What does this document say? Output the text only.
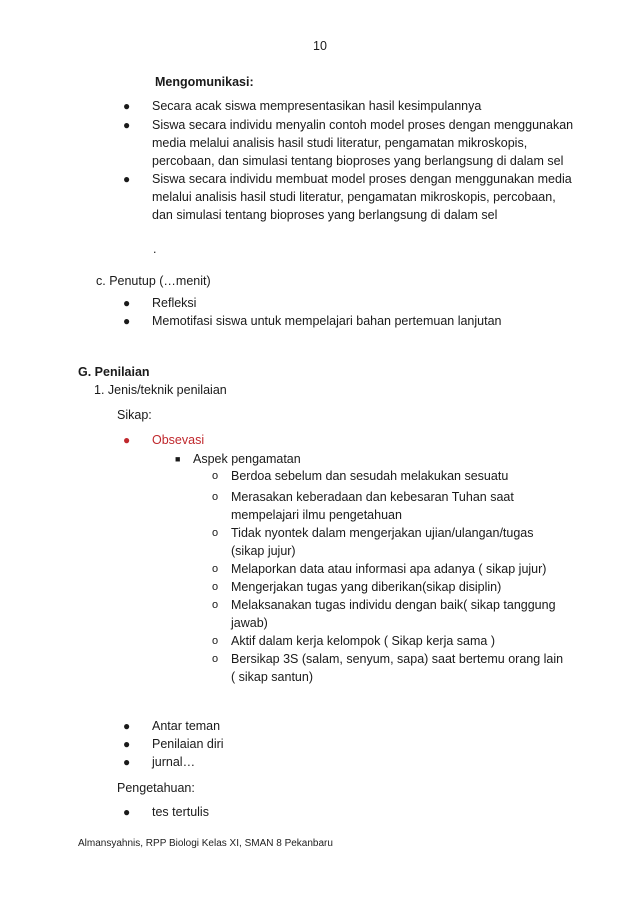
10
Mengomunikasi:
● Secara acak siswa mempresentasikan hasil kesimpulannya
● Siswa secara individu menyalin contoh model proses dengan menggunakan
media melalui analisis hasil studi literatur, pengamatan mikroskopis,
percobaan, dan simulasi tentang bioproses yang berlangsung di dalam sel
● Siswa secara individu membuat model proses dengan menggunakan media
melalui analisis hasil studi literatur, pengamatan mikroskopis, percobaan,
dan simulasi tentang bioproses yang berlangsung di dalam sel
.
c. Penutup (…menit)
● Refleksi
● Memotifasi siswa untuk mempelajari bahan pertemuan lanjutan
G. Penilaian
1. Jenis/teknik penilaian
Sikap:
● Obsevasi
■ Aspek pengamatan
o Berdoa sebelum dan sesudah melakukan sesuatu
o Merasakan keberadaan dan kebesaran Tuhan saat
mempelajari ilmu pengetahuan
o Tidak nyontek dalam mengerjakan ujian/ulangan/tugas
(sikap jujur)
o Melaporkan data atau informasi apa adanya ( sikap jujur)
o Mengerjakan tugas yang diberikan(sikap disiplin)
o Melaksanakan tugas individu dengan baik( sikap tanggung
jawab)
o Aktif dalam kerja kelompok ( Sikap kerja sama )
o Bersikap 3S (salam, senyum, sapa) saat bertemu orang lain
( sikap santun)
● Antar teman
● Penilaian diri
● jurnal…
Pengetahuan:
● tes tertulis
Almansyahnis, RPP Biologi Kelas XI, SMAN 8 Pekanbaru
